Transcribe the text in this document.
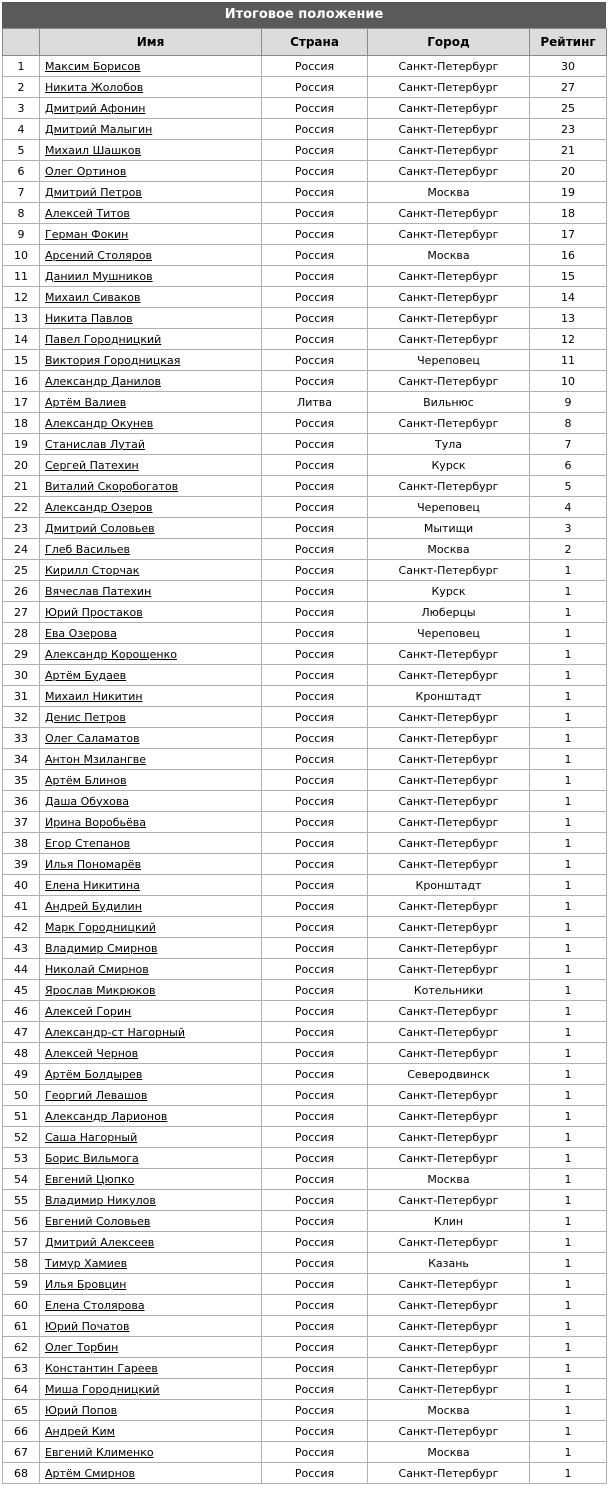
Итоговое положение
	Имя	Страна	Город	Рейтинг
1	Максим Борисов	Россия	Санкт-Петербург	30
2	Никита Жолобов	Россия	Санкт-Петербург	27
3	Дмитрий Афонин	Россия	Санкт-Петербург	25
4	Дмитрий Малыгин	Россия	Санкт-Петербург	23
5	Михаил Шашков	Россия	Санкт-Петербург	21
6	Олег Ортинов	Россия	Санкт-Петербург	20
7	Дмитрий Петров	Россия	Москва	19
8	Алексей Титов	Россия	Санкт-Петербург	18
9	Герман Фокин	Россия	Санкт-Петербург	17
10	Арсений Столяров	Россия	Москва	16
11	Даниил Мушников	Россия	Санкт-Петербург	15
12	Михаил Сиваков	Россия	Санкт-Петербург	14
13	Никита Павлов	Россия	Санкт-Петербург	13
14	Павел Городницкий	Россия	Санкт-Петербург	12
15	Виктория Городницкая	Россия	Череповец	11
16	Александр Данилов	Россия	Санкт-Петербург	10
17	Артём Валиев	Литва	Вильнюс	9
18	Александр Окунев	Россия	Санкт-Петербург	8
19	Станислав Лутай	Россия	Тула	7
20	Сергей Патехин	Россия	Курск	6
21	Виталий Скоробогатов	Россия	Санкт-Петербург	5
22	Александр Озеров	Россия	Череповец	4
23	Дмитрий Соловьев	Россия	Мытищи	3
24	Глеб Васильев	Россия	Москва	2
25	Кирилл Сторчак	Россия	Санкт-Петербург	1
26	Вячеслав Патехин	Россия	Курск	1
27	Юрий Простаков	Россия	Люберцы	1
28	Ева Озерова	Россия	Череповец	1
29	Александр Корощенко	Россия	Санкт-Петербург	1
30	Артём Будаев	Россия	Санкт-Петербург	1
31	Михаил Никитин	Россия	Кронштадт	1
32	Денис Петров	Россия	Санкт-Петербург	1
33	Олег Саламатов	Россия	Санкт-Петербург	1
34	Антон Мзилангве	Россия	Санкт-Петербург	1
35	Артём Блинов	Россия	Санкт-Петербург	1
36	Даша Обухова	Россия	Санкт-Петербург	1
37	Ирина Воробьёва	Россия	Санкт-Петербург	1
38	Егор Степанов	Россия	Санкт-Петербург	1
39	Илья Пономарёв	Россия	Санкт-Петербург	1
40	Елена Никитина	Россия	Кронштадт	1
41	Андрей Будилин	Россия	Санкт-Петербург	1
42	Марк Городницкий	Россия	Санкт-Петербург	1
43	Владимир Смирнов	Россия	Санкт-Петербург	1
44	Николай Смирнов	Россия	Санкт-Петербург	1
45	Ярослав Микрюков	Россия	Котельники	1
46	Алексей Горин	Россия	Санкт-Петербург	1
47	Александр-ст Нагорный	Россия	Санкт-Петербург	1
48	Алексей Чернов	Россия	Санкт-Петербург	1
49	Артём Болдырев	Россия	Северодвинск	1
50	Георгий Левашов	Россия	Санкт-Петербург	1
51	Александр Ларионов	Россия	Санкт-Петербург	1
52	Саша Нагорный	Россия	Санкт-Петербург	1
53	Борис Вильмога	Россия	Санкт-Петербург	1
54	Евгений Цюпко	Россия	Москва	1
55	Владимир Никулов	Россия	Санкт-Петербург	1
56	Евгений Соловьев	Россия	Клин	1
57	Дмитрий Алексеев	Россия	Санкт-Петербург	1
58	Тимур Хамиев	Россия	Казань	1
59	Илья Бровцин	Россия	Санкт-Петербург	1
60	Елена Столярова	Россия	Санкт-Петербург	1
61	Юрий Початов	Россия	Санкт-Петербург	1
62	Олег Торбин	Россия	Санкт-Петербург	1
63	Константин Гареев	Россия	Санкт-Петербург	1
64	Миша Городницкий	Россия	Санкт-Петербург	1
65	Юрий Попов	Россия	Москва	1
66	Андрей Ким	Россия	Санкт-Петербург	1
67	Евгений Клименко	Россия	Москва	1
68	Артём Смирнов	Россия	Санкт-Петербург	1
